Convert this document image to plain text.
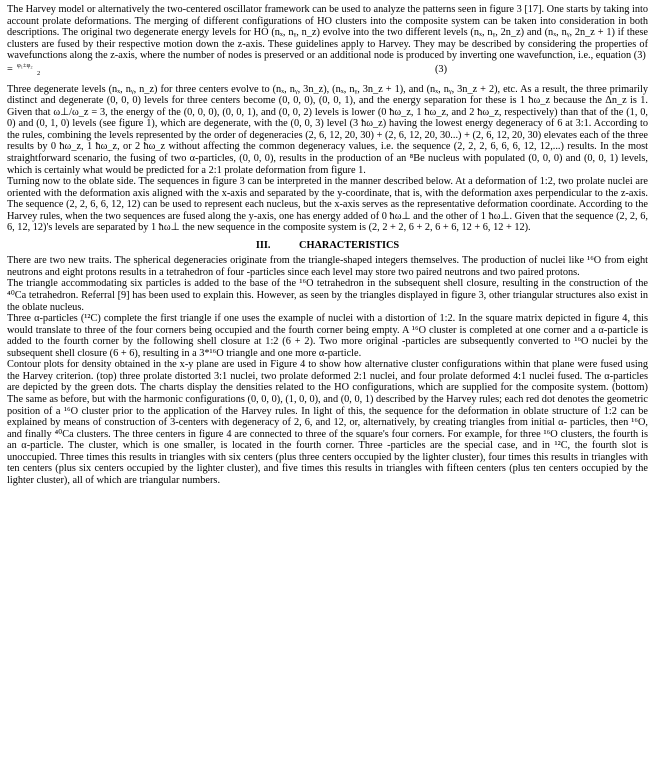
The Harvey model or alternatively the two-centered oscillator framework can be used to analyze the patterns seen in figure 3 [17]. One starts by taking into account prolate deformations. The merging of different configurations of HO clusters into the composite system can be taken into consideration in both descriptions. The original two degenerate energy levels for HO (nₓ, nᵧ, n_z) evolve into the two different levels (nₓ, nᵧ, 2n_z) and (nₓ, nᵧ, 2n_z + 1) if these clusters are fused by their respective motion down the z-axis. These guidelines apply to Harvey. They may be described by considering the properties of wavefunctions along the z-axis, where the number of nodes is preserved or an additional node is produced by inverting one wavefunction, i.e., equation (3)

φ₁±φ₂
2
=	(3)

Three degenerate levels (nₓ, nᵧ, n_z) for three centers evolve to (nₓ, nᵧ, 3n_z), (nₓ, nᵧ, 3n_z + 1), and (nₓ, nᵧ, 3n_z + 2), etc. As a result, the three primarily distinct and degenerate (0, 0, 0) levels for three centers become (0, 0, 0), (0, 0, 1), and the energy separation for these is 1 ħω_z because the Δn_z is 1. Given that ω⊥/ω_z = 3, the energy of the (0, 0, 0), (0, 0, 1), and (0, 0, 2) levels is lower (0 ħω_z, 1 ħω_z, and 2 ħω_z, respectively) than that of the (1, 0, 0) and (0, 1, 0) levels (see figure 1), which are degenerate, with the (0, 0, 3) level (3 ħω_z) having the lowest energy degeneracy of 6 at 3:1. According to the rules, combining the levels represented by the order of degeneracies (2, 6, 12, 20, 30) + (2, 6, 12, 20, 30...) + (2, 6, 12, 20, 30) elevates each of the three results by 0 ħω_z, 1 ħω_z, or 2 ħω_z without affecting the common degeneracy values, i.e. the sequence (2, 2, 2, 6, 6, 6, 12, 12,...) results. In the most straightforward scenario, the fusing of two α-particles, (0, 0, 0), results in the production of an ⁸Be nucleus with populated (0, 0, 0) and (0, 0, 1) levels, which is certainly what would be predicted for a 2:1 prolate deformation from figure 1.

Turning now to the oblate side. The sequences in figure 3 can be interpreted in the manner described below. At a deformation of 1:2, two prolate nuclei are oriented with the deformation axis aligned with the x-axis and separated by the y-coordinate, that is, with the deformation axes perpendicular to the z-axis. The sequence (2, 2, 6, 6, 12, 12) can be used to represent each nucleus, but the x-axis serves as the representative deformation coordinate. According to the Harvey rules, when the two sequences are fused along the y-axis, one has energy added of 0 ħω⊥ and the other of 1 ħω⊥. Given that the sequence (2, 2, 6, 6, 12, 12)'s levels are separated by 1 ħω⊥ the new sequence in the composite system is (2, 2 + 2, 6 + 2, 6 + 6, 12 + 6, 12 + 12).

III.	CHARACTERISTICS

There are two new traits. The spherical degeneracies originate from the triangle-shaped integers themselves. The production of nuclei like ¹⁶O from eight neutrons and eight protons results in a tetrahedron of four -particles since each level may store two paired neutrons and two paired protons.

The triangle accommodating six particles is added to the base of the ¹⁶O tetrahedron in the subsequent shell closure, resulting in the construction of the ⁴⁰Ca tetrahedron. Referral [9] has been used to explain this. However, as seen by the triangles displayed in figure 3, other triangular structures also exist in the oblate nucleus.

Three α-particles (¹²C) complete the first triangle if one uses the example of nuclei with a distortion of 1:2. In the square matrix depicted in figure 4, this would translate to three of the four corners being occupied and the fourth corner being empty. A ¹⁶O cluster is completed at one corner and a α-particle is added to the fourth corner by the following shell closure at 1:2 (6 + 2). Two more original -particles are subsequently converted to ¹⁶O nuclei by the subsequent shell closure (6 + 6), resulting in a 3*¹⁶O triangle and one more α-particle.

Contour plots for density obtained in the x-y plane are used in Figure 4 to show how alternative cluster configurations within that plane were fused using the Harvey criterion. (top) three prolate distorted 3:1 nuclei, two prolate deformed 2:1 nuclei, and four prolate deformed 4:1 nuclei fused. The α-particles are depicted by the green dots. The charts display the densities related to the HO configurations, which are supplied for the composite system. (bottom) The same as before, but with the harmonic configurations (0, 0, 0), (1, 0, 0), and (0, 0, 1) described by the Harvey rules; each red dot denotes the geometric position of a ¹⁶O cluster prior to the application of the Harvey rules. In light of this, the sequence for the deformation in oblate structure of 1:2 can be explained by means of construction of 3-centers with degeneracy of 2, 6, and 12, or, alternatively, by creating triangles from initial α- particles, then ¹⁶O, and finally ⁴⁰Ca clusters. The three centers in figure 4 are connected to three of the square's four corners. For example, for three ¹⁶O clusters, the fourth is an α-particle. The cluster, which is one smaller, is located in the fourth corner. Three -particles are the special case, and in ¹²C, the fourth slot is unoccupied. Three times this results in triangles with six centers (plus three centers occupied by the lighter cluster), four times this results in triangles with ten centers (plus six centers occupied by the lighter cluster), and five times this results in triangles with fifteen centers (plus ten centers occupied by the lighter cluster), all of which are triangular numbers.
